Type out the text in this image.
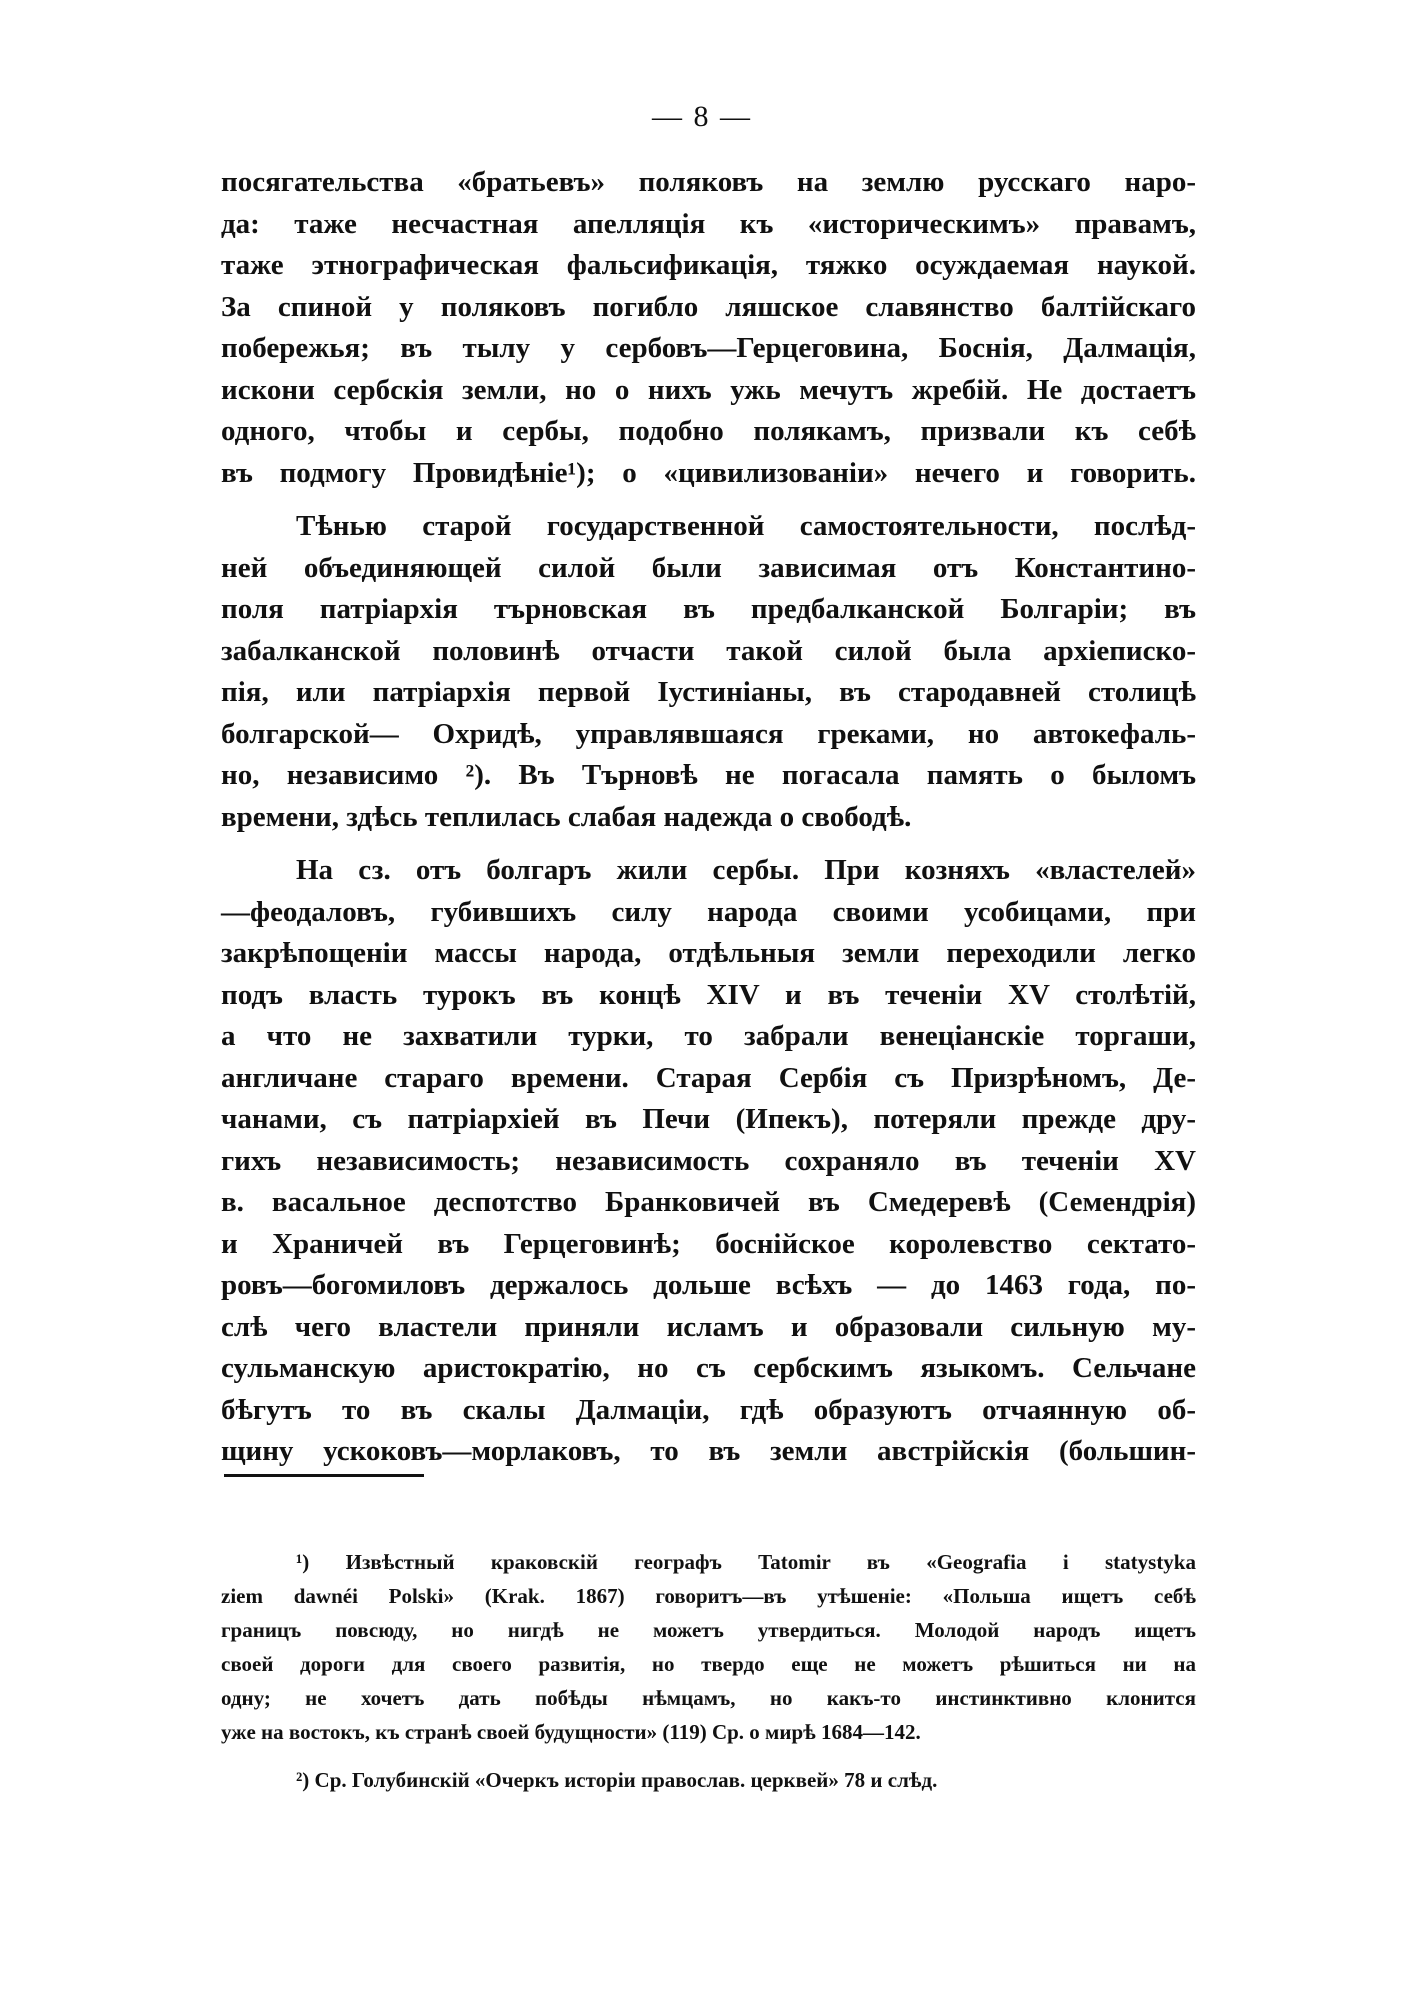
— 8 —
посягательства «братьевъ» поляковъ на землю русскаго наро-
да: таже несчастная апелляція къ «историческимъ» правамъ,
таже этнографическая фальсификація, тяжко осуждаемая наукой.
За спиной у поляковъ погибло ляшское славянство балтійскаго
побережья; въ тылу у сербовъ—Герцеговина, Боснія, Далмація,
искони сербскія земли, но о нихъ ужь мечутъ жребій. Не достаетъ
одного, чтобы и сербы, подобно полякамъ, призвали къ себѣ
въ подмогу Провидѣніе¹); о «цивилизованіи» нечего и говорить.
Тѣнью старой государственной самостоятельности, послѣд-
ней объединяющей силой были зависимая отъ Константино-
поля патріархія търновская въ предбалканской Болгаріи; въ
забалканской половинѣ отчасти такой силой была архіеписко-
пія, или патріархія первой Іустиніаны, въ стародавней столицѣ
болгарской— Охридѣ, управлявшаяся греками, но автокефаль-
но, независимо ²). Въ Търновѣ не погасала память о быломъ
времени, здѣсь теплилась слабая надежда о свободѣ.
На сз. отъ болгаръ жили сербы. При козняхъ «властелей»
—феодаловъ, губившихъ силу народа своими усобицами, при
закрѣпощеніи массы народа, отдѣльныя земли переходили легко
подъ власть турокъ въ концѣ XIV и въ теченіи XV столѣтій,
а что не захватили турки, то забрали венеціанскіе торгаши,
англичане стараго времени. Старая Сербія съ Призрѣномъ, Де-
чанами, съ патріархіей въ Печи (Ипекъ), потеряли прежде дру-
гихъ независимость; независимость сохраняло въ теченіи XV
в. васальное деспотство Бранковичей въ Смедеревѣ (Семендрія)
и Храничей въ Герцеговинѣ; боснійское королевство сектато-
ровъ—богомиловъ держалось дольше всѣхъ — до 1463 года, по-
слѣ чего властели приняли исламъ и образовали сильную му-
сульманскую аристократію, но съ сербскимъ языкомъ. Сельчане
бѣгутъ то въ скалы Далмаціи, гдѣ образуютъ отчаянную об-
щину ускоковъ—морлаковъ, то въ земли австрійскія (большин-
¹) Извѣстный краковскій географъ Tatomir въ «Geografia i statystyka
ziem dawnéi Polski» (Krak. 1867) говоритъ—въ утѣшеніе: «Польша ищетъ себѣ
границъ повсюду, но нигдѣ не можетъ утвердиться. Молодой народъ ищетъ
своей дороги для своего развитія, но твердо еще не можетъ рѣшиться ни на
одну; не хочетъ дать побѣды нѣмцамъ, но какъ-то инстинктивно клонится
ужe на востокъ, къ странѣ своей будущности» (119) Ср. о мирѣ 1684—142.
²) Ср. Голубинскій «Очеркъ исторіи православ. церквей» 78 и слѣд.
